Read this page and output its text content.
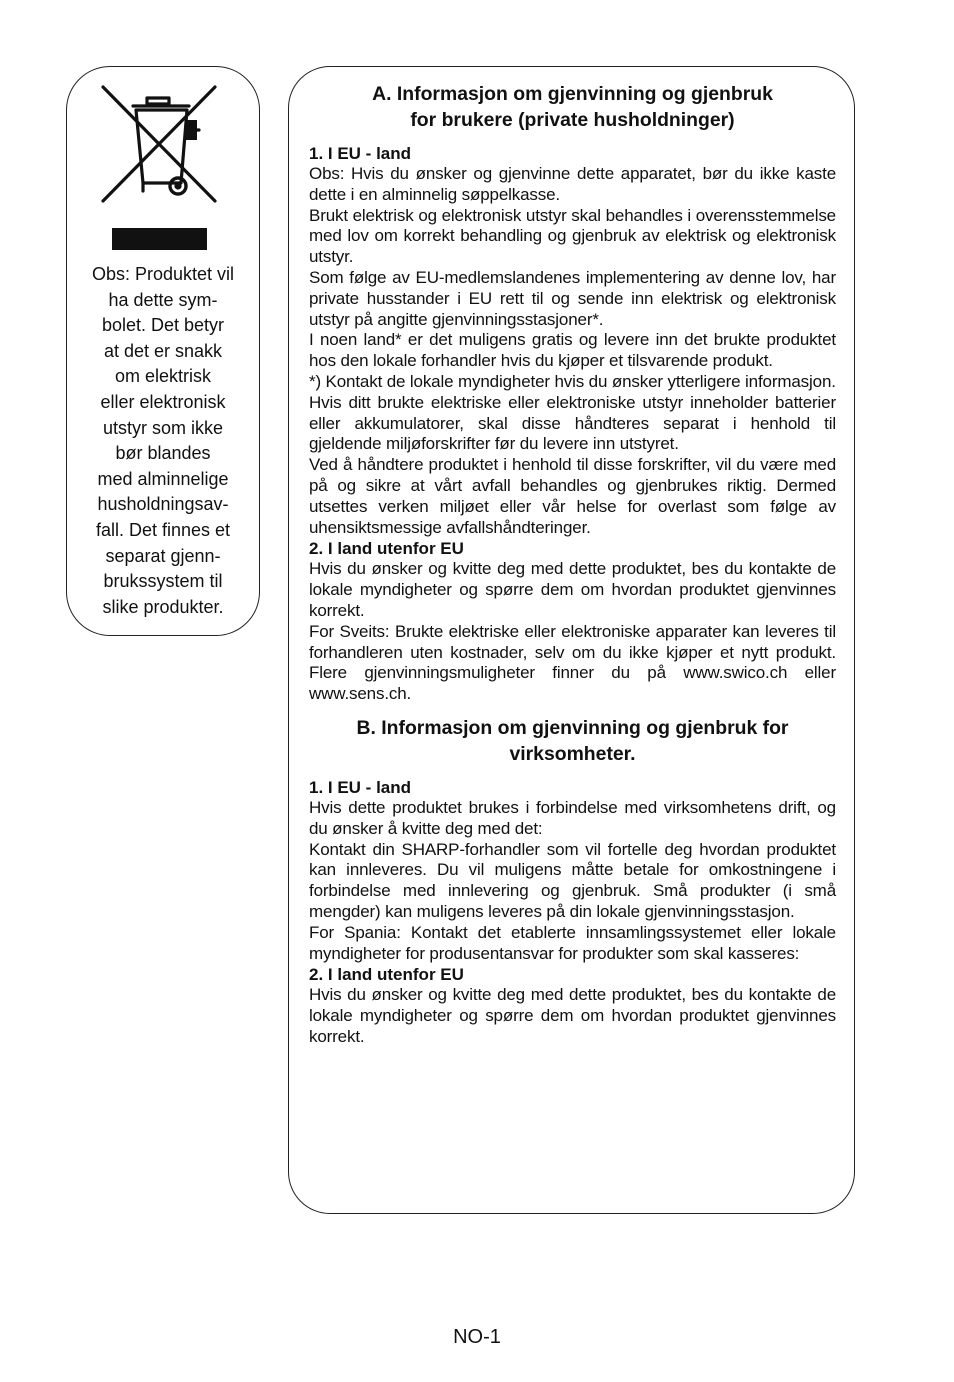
Obs: Produktet vil
ha dette sym-
bolet. Det betyr
at det er snakk
om elektrisk
eller elektronisk
utstyr som ikke
bør blandes
med alminnelige
husholdningsav-
fall. Det finnes et
separat gjenn-
brukssystem til
slike produkter.

A. Informasjon om gjenvinning og gjenbruk
for brukere (private husholdninger)

1. I EU - land

Obs: Hvis du ønsker og gjenvinne dette apparatet, bør du ikke kaste dette i en alminnelig søppelkasse.

Brukt elektrisk og elektronisk utstyr skal behandles i overensstemmelse med lov om korrekt behandling og gjenbruk av elektrisk og elektronisk utstyr.

Som følge av EU-medlemslandenes implementering av denne lov, har private husstander i EU rett til og sende inn elektrisk og elektronisk utstyr på angitte gjenvinningsstasjoner*.

I noen land* er det muligens gratis og levere inn det brukte produktet hos den lokale forhandler hvis du kjøper et tilsvarende produkt.

*) Kontakt de lokale myndigheter hvis du ønsker ytterligere informasjon.

Hvis ditt brukte elektriske eller elektroniske utstyr inneholder batterier eller akkumulatorer, skal disse håndteres separat i henhold til gjeldende miljøforskrifter før du levere inn utstyret.

Ved å håndtere produktet i henhold til disse forskrifter, vil du være med på og sikre at vårt avfall behandles og gjenbrukes riktig. Dermed utsettes verken miljøet eller vår helse for overlast som følge av uhensiktsmessige avfallshåndteringer.

2. I land utenfor EU

Hvis du ønsker og kvitte deg med dette produktet, bes du kontakte de lokale myndigheter og spørre dem om hvordan produktet gjenvinnes korrekt.

For Sveits: Brukte elektriske eller elektroniske apparater kan leveres til forhandleren uten kostnader, selv om du ikke kjøper et nytt produkt. Flere gjenvinningsmuligheter finner du på www.swico.ch eller www.sens.ch.

B. Informasjon om gjenvinning og gjenbruk for
virksomheter.

1. I EU - land

Hvis dette produktet brukes i forbindelse med virksomhetens drift, og du ønsker å kvitte deg med det:

Kontakt din SHARP-forhandler som vil fortelle deg hvordan produktet kan innleveres. Du vil muligens måtte betale for omkostningene i forbindelse med innlevering og gjenbruk. Små produkter (i små mengder) kan muligens leveres på din lokale gjenvinningsstasjon.

For Spania: Kontakt det etablerte innsamlingssystemet eller lokale myndigheter for produsentansvar for produkter som skal kasseres:

2. I land utenfor EU

Hvis du ønsker og kvitte deg med dette produktet, bes du kontakte de lokale myndigheter og spørre dem om hvordan produktet gjenvinnes korrekt.

NO-1
